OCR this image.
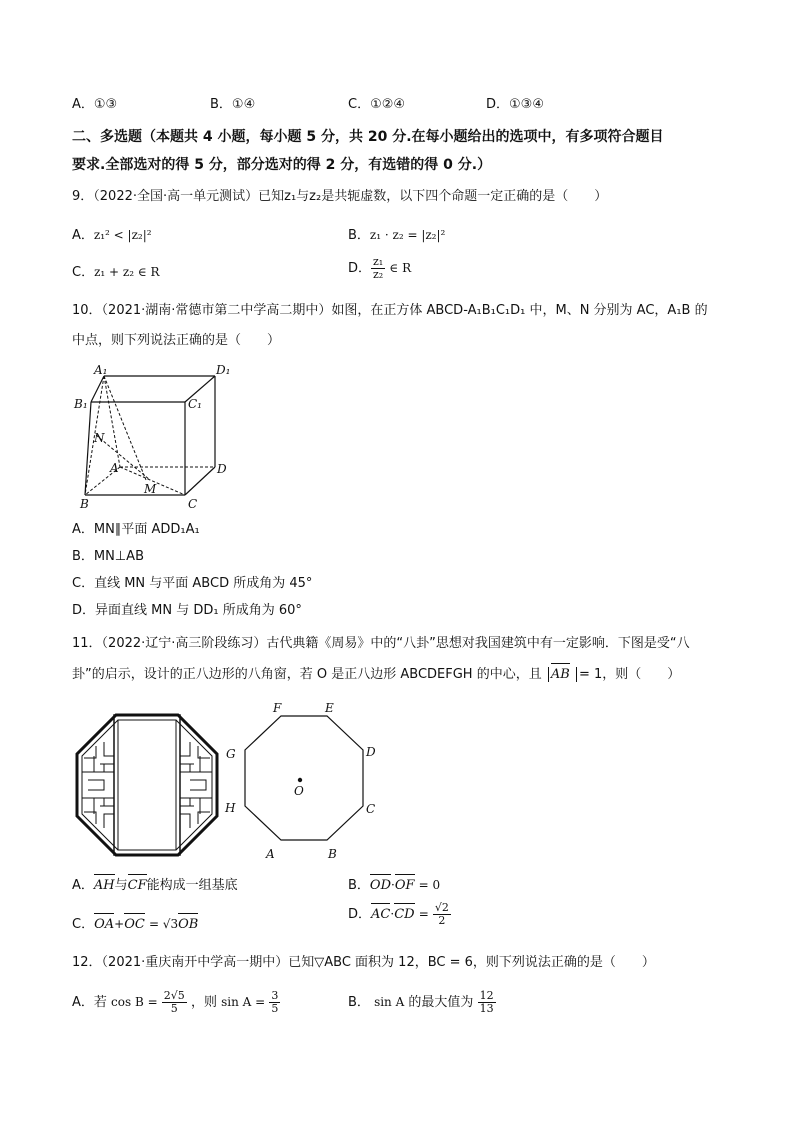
A．①③	B．①④	C．①②④	D．①③④
二、多选题（本题共 4 小题，每小题 5 分，共 20 分.在每小题给出的选项中，有多项符合题目
要求.全部选对的得 5 分，部分选对的得 2 分，有选错的得 0 分.）
9．（2022·全国·高一单元测试）已知z₁与z₂是共轭虚数，以下四个命题一定正确的是（　　）
A．z₁² < |z₂|²	B．z₁ · z₂ = |z₂|²
C．z₁ + z₂ ∈ R	D． $\frac{\text{z₁}}{\text{z₂}}$ ∈ R
10．（2021·湖南·常德市第二中学高二期中）如图，在正方体 ABCD-A₁B₁C₁D₁ 中，M、N 分别为 AC，A₁B 的
中点，则下列说法正确的是（　　）
A₁	D₁
B₁	C₁
N
A	D
B	C
M
A．MN∥平面 ADD₁A₁
B．MN⊥AB
C．直线 MN 与平面 ABCD 所成角为 45°
D．异面直线 MN 与 DD₁ 所成角为 60°
11．（2022·辽宁·高三阶段练习）古代典籍《周易》中的“八卦”思想对我国建筑中有一定影响．下图是受“八
卦”的启示，设计的正八边形的八角窗，若 O 是正八边形 ABCDEFGH 的中心，且 AB = 1，则（　　）
F	E
G	D
O
H	C
A	B
A．AH与CF能构成一组基底	B．OD·OF = 0
C．OA+OC = √3OB
D．$AC\cdot CD = \frac{√2}{2}$
12．（2021·重庆南开中学高一期中）已知▽ABC 面积为 12，BC = 6，则下列说法正确的是（　　）
A．若 $\cos B = \frac{2√5}{5}$ ，则 $\sin A = \frac{3}{5}$	B． sin A 的最大值为 $\frac{12}{13}$
